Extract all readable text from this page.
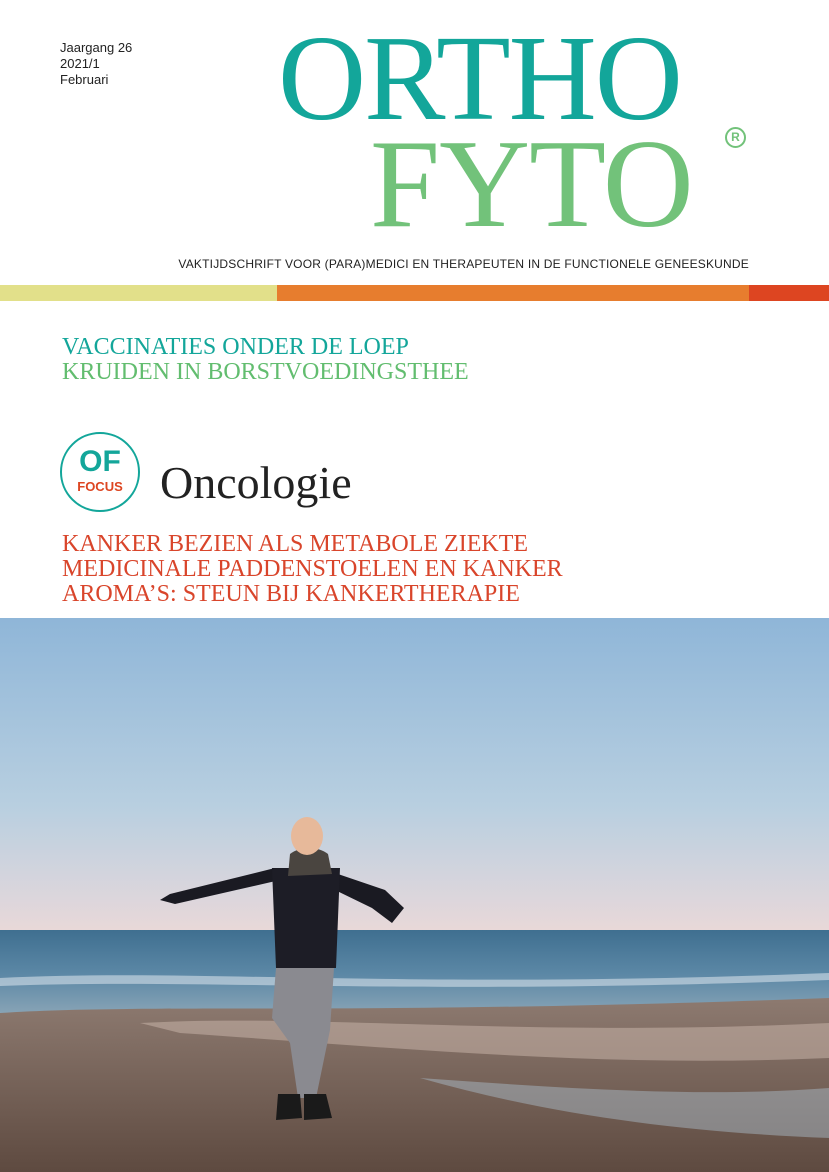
Jaargang 26
2021/1
Februari ORTHO
FYTO	R
VAKTIJDSCHRIFT VOOR (PARA)MEDICI EN THERAPEUTEN IN DE FUNCTIONELE GENEESKUNDE
VACCINATIES ONDER DE LOEP
KRUIDEN IN BORSTVOEDINGSTHEE
OF
FOCUS Oncologie
KANKER BEZIEN ALS METABOLE ZIEKTE
MEDICINALE PADDENSTOELEN EN KANKER
AROMA’S: STEUN BIJ KANKERTHERAPIE
